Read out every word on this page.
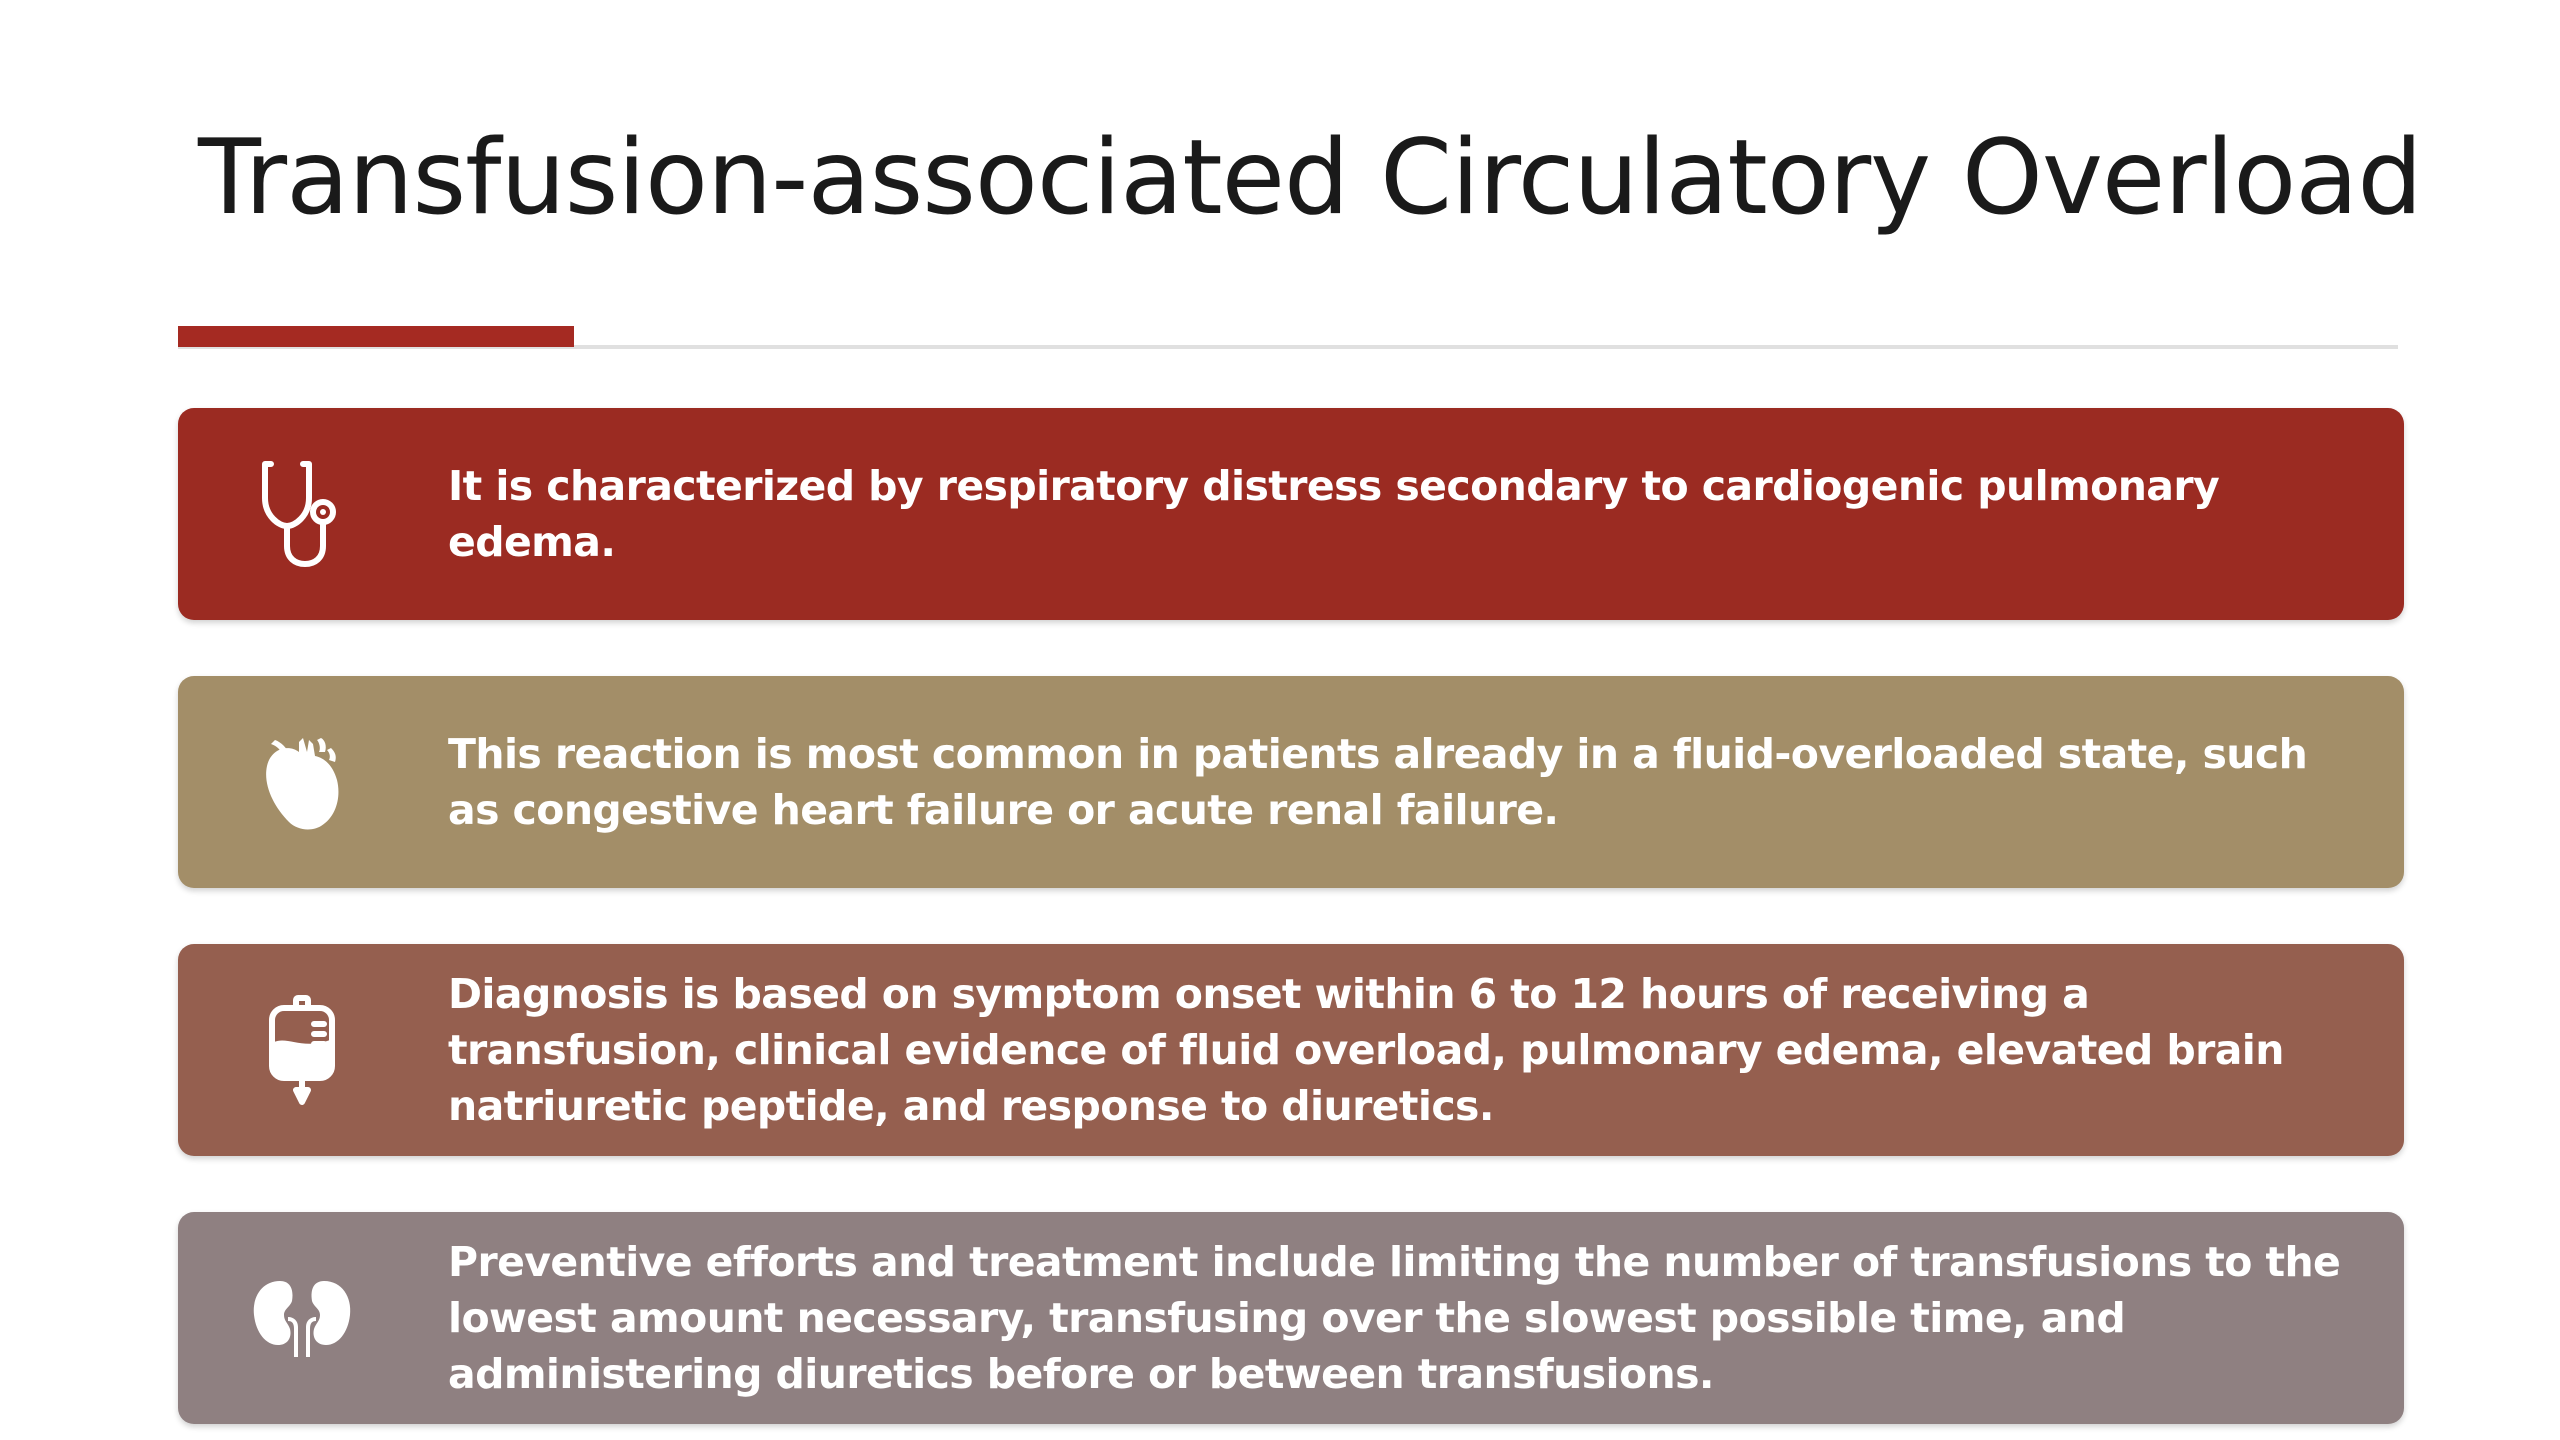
Transfusion-associated Circulatory Overload

It is characterized by respiratory distress secondary to cardiogenic pulmonary edema.

This reaction is most common in patients already in a fluid-overloaded state, such as congestive heart failure or acute renal failure.

Diagnosis is based on symptom onset within 6 to 12 hours of receiving a transfusion, clinical evidence of fluid overload, pulmonary edema, elevated brain natriuretic peptide, and response to diuretics.

Preventive efforts and treatment include limiting the number of transfusions to the lowest amount necessary, transfusing over the slowest possible time, and administering diuretics before or between transfusions.
